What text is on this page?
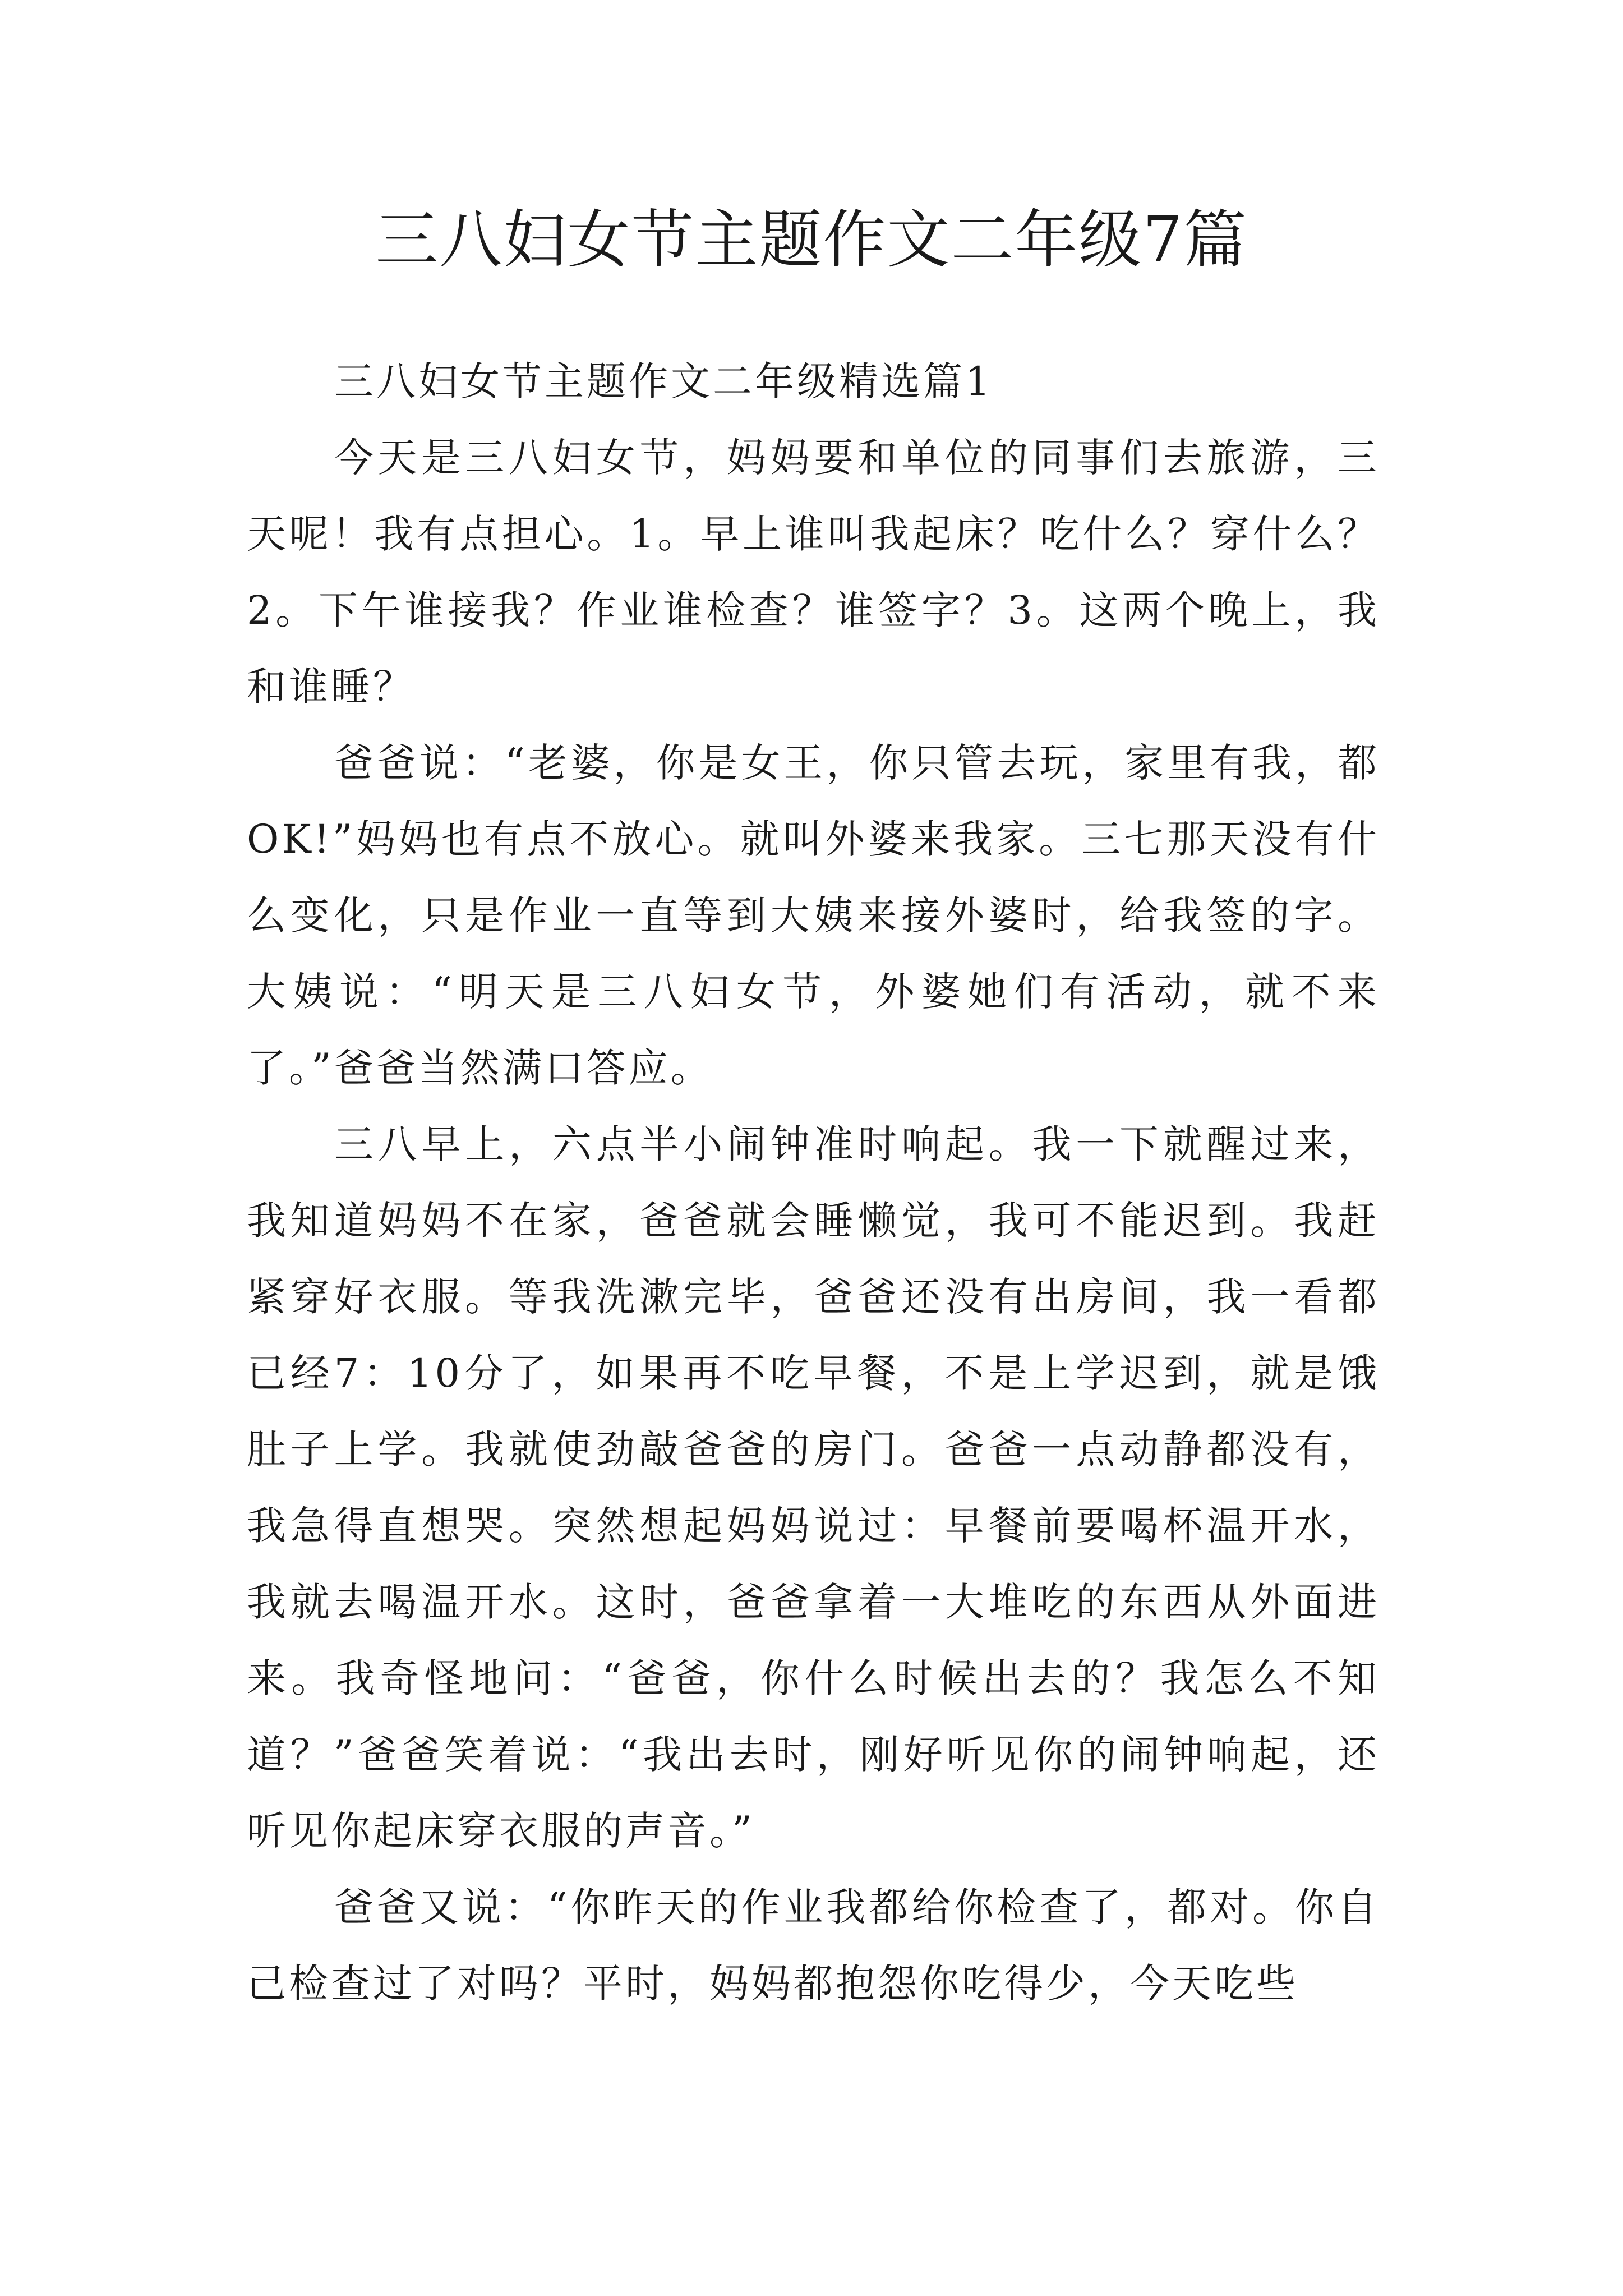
三八妇女节主题作文二年级7篇

三八妇女节主题作文二年级精选篇1

今天是三八妇女节，妈妈要和单位的同事们去旅游，三天呢！我有点担心。1。早上谁叫我起床？吃什么？穿什么？2。下午谁接我？作业谁检查？谁签字？3。这两个晚上，我和谁睡？

爸爸说：“老婆，你是女王，你只管去玩，家里有我，都OK!”妈妈也有点不放心。就叫外婆来我家。三七那天没有什么变化，只是作业一直等到大姨来接外婆时，给我签的字。大姨说：“明天是三八妇女节，外婆她们有活动，就不来了。”爸爸当然满口答应。

三八早上，六点半小闹钟准时响起。我一下就醒过来，我知道妈妈不在家，爸爸就会睡懒觉，我可不能迟到。我赶紧穿好衣服。等我洗漱完毕，爸爸还没有出房间，我一看都已经7：10分了，如果再不吃早餐，不是上学迟到，就是饿肚子上学。我就使劲敲爸爸的房门。爸爸一点动静都没有，我急得直想哭。突然想起妈妈说过：早餐前要喝杯温开水，我就去喝温开水。这时，爸爸拿着一大堆吃的东西从外面进来。我奇怪地问：“爸爸，你什么时候出去的？我怎么不知道？”爸爸笑着说：“我出去时，刚好听见你的闹钟响起，还听见你起床穿衣服的声音。”

爸爸又说：“你昨天的作业我都给你检查了，都对。你自己检查过了对吗？平时，妈妈都抱怨你吃得少，今天吃些
